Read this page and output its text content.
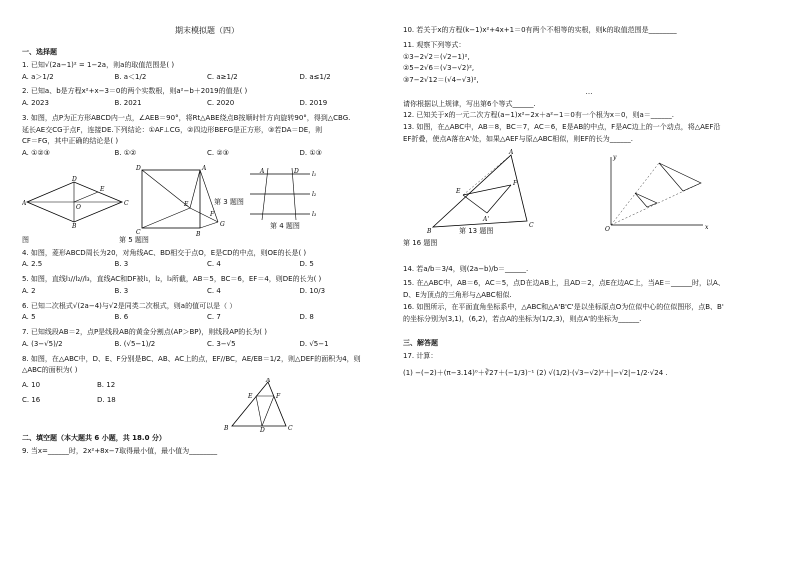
期末模拟题（四）
一、选择题
1. 已知√(2a−1)² = 1−2a，则a的取值范围是( )
A. a＞1/2	B. a＜1/2	C. a≥1/2	D. a≤1/2
2. 已知a、b是方程x²+x−3＝0的两个实数根，则a²−b＋2019的值是( )
A. 2023	B. 2021	C. 2020	D. 2019
3. 如图，点P为正方形ABCD内一点，∠AEB＝90°，将Rt△ABE绕点B按顺时针方向旋转90°，得到△CBG.
延长AE交CG于点F，连接DE.下列结论：①AF⊥CG，②四边形BEFG是正方形，③若DA＝DE，则
CF＝FG，其中正确的结论是( )
A. ①②③	B. ①②	C. ②③	D. ①③
A
D
C
B
E
O
D	A
C	B
E
G
F
第 3 题图
l₁
l₂
l₃
A	D
第 4 题图
图	第 5 题图
4. 如图，菱形ABCD周长为20，对角线AC、BD相交于点O，E是CD的中点，则OE的长是( )
A. 2.5	B. 3	C. 4	D. 5
5. 如图，直线l₁//l₂//l₃，直线AC和DF被l₁，l₂，l₃所截，AB＝5，BC＝6，EF＝4，则DE的长为( )
A. 2	B. 3	C. 4	D. 10/3
6. 已知二次根式√(2a−4)与√2是同类二次根式，则a的值可以是（ ）
A. 5	B. 6	C. 7	D. 8
7. 已知线段AB＝2，点P是线段AB的黄金分割点(AP＞BP)，则线段AP的长为( )
A. (3−√5)/2	B. (√5−1)/2	C. 3−√5	D. √5−1
8. 如图，在△ABC中，D、E、F分别是BC、AB、AC上的点，EF//BC，AE/EB＝1/2，则△DEF的面积为4，则
△ABC的面积为( )
A. 10	B. 12
C. 16	D. 18
A
B	C
D
E	F
二、填空题（本大题共 6 小题，共 18.0 分）
9. 当x=______时，2x²+8x−7取得最小值，最小值为________
10. 若关于x的方程(k−1)x²+4x+1＝0有两个不相等的实根，则k的取值范围是________
11. 观察下列等式：
①3−2√2＝(√2−1)²,
②5−2√6＝(√3−√2)²,
③7−2√12＝(√4−√3)²,
…
请你根据以上规律，写出第6个等式______.
12. 已知关于x的一元二次方程(a−1)x²−2x＋a²−1＝0有一个根为x＝0，则a＝______.
13. 如图，在△ABC中，AB＝8，BC＝7，AC＝6，E是AB的中点，F是AC边上的一个动点，将△AEF沿
EF折叠，使点A落在A'处，如果△AEF与原△ABC相似，则EF的长为______.
A
B
C
E
F
A'
O	x
y
第 16 题图
第 13 题图
14. 若a/b＝3/4，则(2a−b)/b＝______.
15. 在△ABC中，AB＝6，AC＝5，点D在边AB上，且AD＝2，点E在边AC上，当AE＝______时，以A、
D、E为顶点的三角形与△ABC相似.
16. 如图所示，在平面直角坐标系中，△ABC和△A'B'C'是以坐标原点O为位似中心的位似图形，点B、B'
的坐标分别为(3,1)，(6,2)，若点A的坐标为(1/2,3)，则点A'的坐标为______.
三、解答题
17. 计算：
(1) −(−2)＋(π−3.14)⁰＋∛27＋(−1/3)⁻¹ (2) √(1/2)·(√3−√2)²＋|−√2|−1/2·√24 .
